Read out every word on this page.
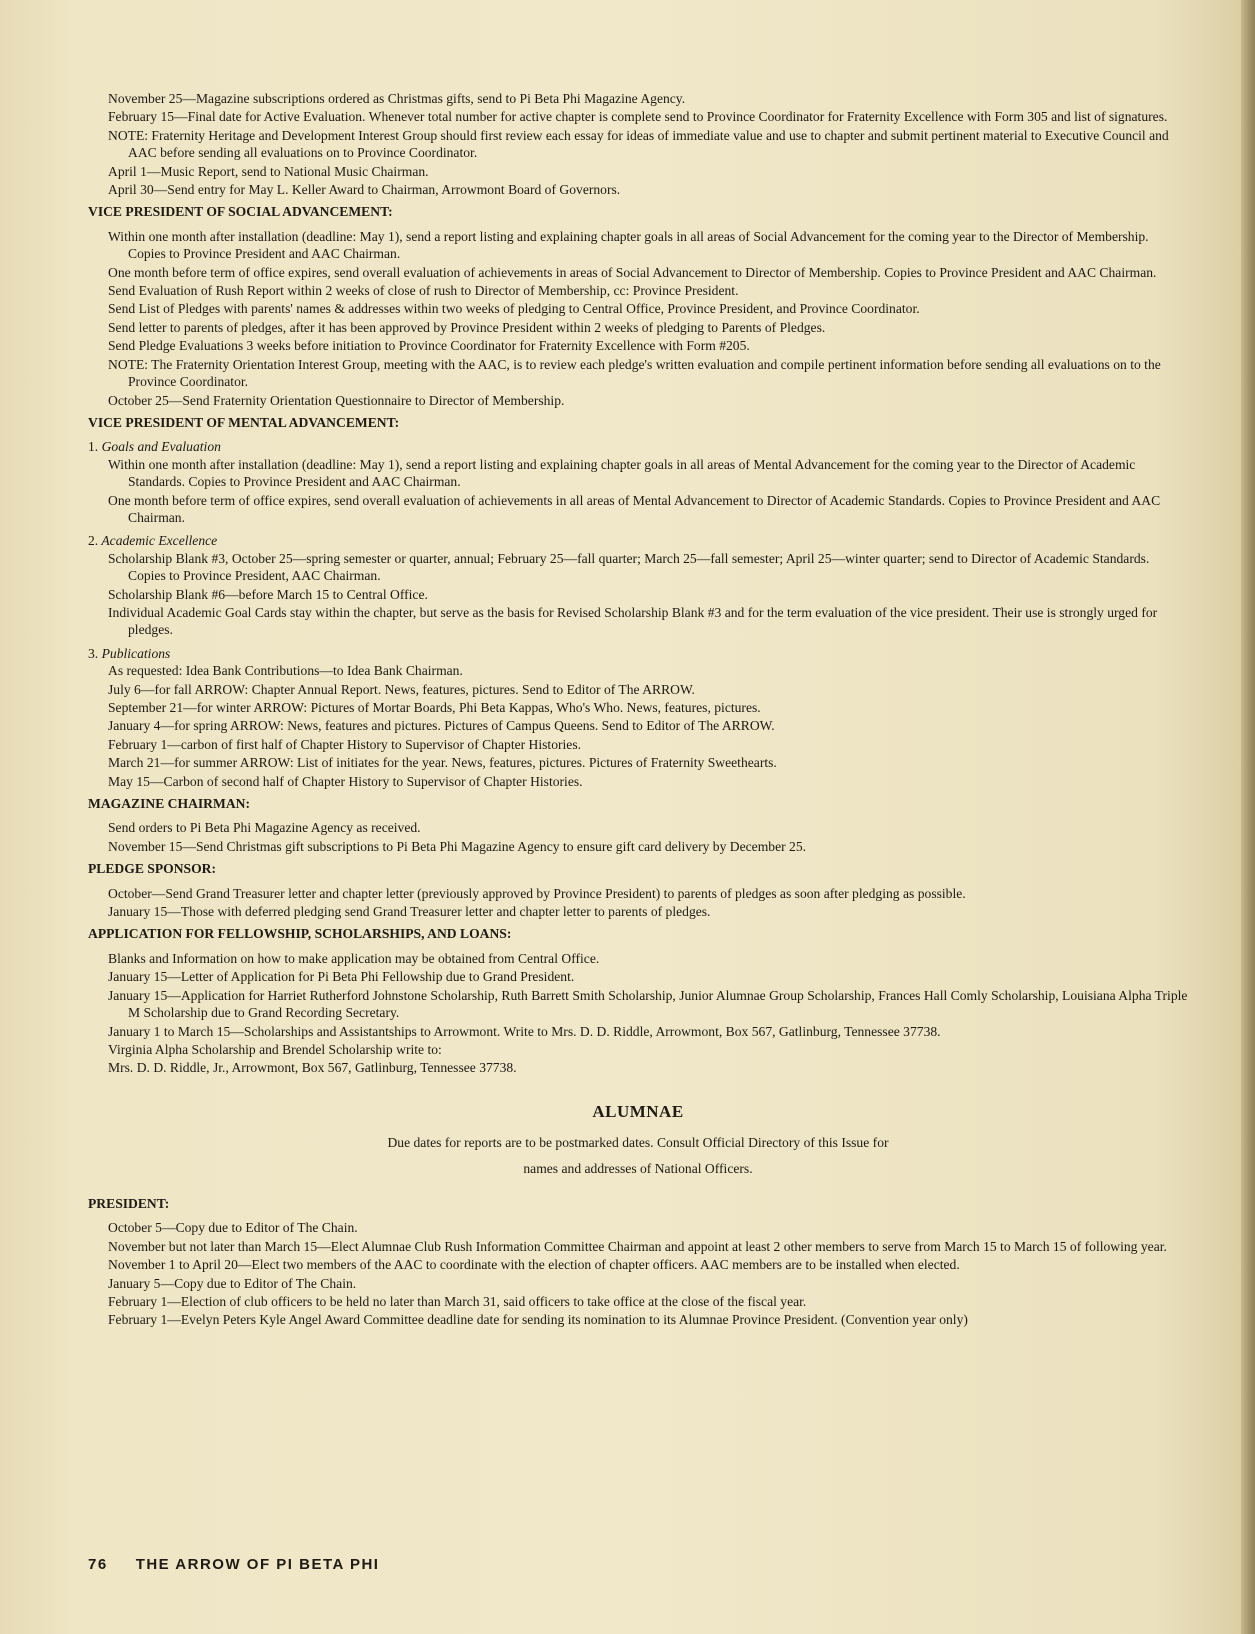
November 25—Magazine subscriptions ordered as Christmas gifts, send to Pi Beta Phi Magazine Agency.

February 15—Final date for Active Evaluation. Whenever total number for active chapter is complete send to Province Coordinator for Fraternity Excellence with Form 305 and list of signatures.

NOTE: Fraternity Heritage and Development Interest Group should first review each essay for ideas of immediate value and use to chapter and submit pertinent material to Executive Council and AAC before sending all evaluations on to Province Coordinator.

April 1—Music Report, send to National Music Chairman.

April 30—Send entry for May L. Keller Award to Chairman, Arrowmont Board of Governors.

VICE PRESIDENT OF SOCIAL ADVANCEMENT:

Within one month after installation (deadline: May 1), send a report listing and explaining chapter goals in all areas of Social Advancement for the coming year to the Director of Membership. Copies to Province President and AAC Chairman.

One month before term of office expires, send overall evaluation of achievements in areas of Social Advancement to Director of Membership. Copies to Province President and AAC Chairman.

Send Evaluation of Rush Report within 2 weeks of close of rush to Director of Membership, cc: Province President.

Send List of Pledges with parents' names & addresses within two weeks of pledging to Central Office, Province President, and Province Coordinator.

Send letter to parents of pledges, after it has been approved by Province President within 2 weeks of pledging to Parents of Pledges.

Send Pledge Evaluations 3 weeks before initiation to Province Coordinator for Fraternity Excellence with Form #205.

NOTE: The Fraternity Orientation Interest Group, meeting with the AAC, is to review each pledge's written evaluation and compile pertinent information before sending all evaluations on to the Province Coordinator.

October 25—Send Fraternity Orientation Questionnaire to Director of Membership.

VICE PRESIDENT OF MENTAL ADVANCEMENT:

1. Goals and Evaluation

Within one month after installation (deadline: May 1), send a report listing and explaining chapter goals in all areas of Mental Advancement for the coming year to the Director of Academic Standards. Copies to Province President and AAC Chairman.

One month before term of office expires, send overall evaluation of achievements in all areas of Mental Advancement to Director of Academic Standards. Copies to Province President and AAC Chairman.

2. Academic Excellence

Scholarship Blank #3, October 25—spring semester or quarter, annual; February 25—fall quarter; March 25—fall semester; April 25—winter quarter; send to Director of Academic Standards. Copies to Province President, AAC Chairman.

Scholarship Blank #6—before March 15 to Central Office.

Individual Academic Goal Cards stay within the chapter, but serve as the basis for Revised Scholarship Blank #3 and for the term evaluation of the vice president. Their use is strongly urged for pledges.

3. Publications

As requested: Idea Bank Contributions—to Idea Bank Chairman.

July 6—for fall ARROW: Chapter Annual Report. News, features, pictures. Send to Editor of The ARROW.

September 21—for winter ARROW: Pictures of Mortar Boards, Phi Beta Kappas, Who's Who. News, features, pictures.

January 4—for spring ARROW: News, features and pictures. Pictures of Campus Queens. Send to Editor of The ARROW.

February 1—carbon of first half of Chapter History to Supervisor of Chapter Histories.

March 21—for summer ARROW: List of initiates for the year. News, features, pictures. Pictures of Fraternity Sweethearts.

May 15—Carbon of second half of Chapter History to Supervisor of Chapter Histories.

MAGAZINE CHAIRMAN:

Send orders to Pi Beta Phi Magazine Agency as received.

November 15—Send Christmas gift subscriptions to Pi Beta Phi Magazine Agency to ensure gift card delivery by December 25.

PLEDGE SPONSOR:

October—Send Grand Treasurer letter and chapter letter (previously approved by Province President) to parents of pledges as soon after pledging as possible.

January 15—Those with deferred pledging send Grand Treasurer letter and chapter letter to parents of pledges.

APPLICATION FOR FELLOWSHIP, SCHOLARSHIPS, AND LOANS:

Blanks and Information on how to make application may be obtained from Central Office.

January 15—Letter of Application for Pi Beta Phi Fellowship due to Grand President.

January 15—Application for Harriet Rutherford Johnstone Scholarship, Ruth Barrett Smith Scholarship, Junior Alumnae Group Scholarship, Frances Hall Comly Scholarship, Louisiana Alpha Triple M Scholarship due to Grand Recording Secretary.

January 1 to March 15—Scholarships and Assistantships to Arrowmont. Write to Mrs. D. D. Riddle, Arrowmont, Box 567, Gatlinburg, Tennessee 37738.

Virginia Alpha Scholarship and Brendel Scholarship write to:

Mrs. D. D. Riddle, Jr., Arrowmont, Box 567, Gatlinburg, Tennessee 37738.

ALUMNAE

Due dates for reports are to be postmarked dates. Consult Official Directory of this Issue for

names and addresses of National Officers.

PRESIDENT:

October 5—Copy due to Editor of The Chain.

November but not later than March 15—Elect Alumnae Club Rush Information Committee Chairman and appoint at least 2 other members to serve from March 15 to March 15 of following year.

November 1 to April 20—Elect two members of the AAC to coordinate with the election of chapter officers. AAC members are to be installed when elected.

January 5—Copy due to Editor of The Chain.

February 1—Election of club officers to be held no later than March 31, said officers to take office at the close of the fiscal year.

February 1—Evelyn Peters Kyle Angel Award Committee deadline date for sending its nomination to its Alumnae Province President. (Convention year only)

76 THE ARROW OF PI BETA PHI
